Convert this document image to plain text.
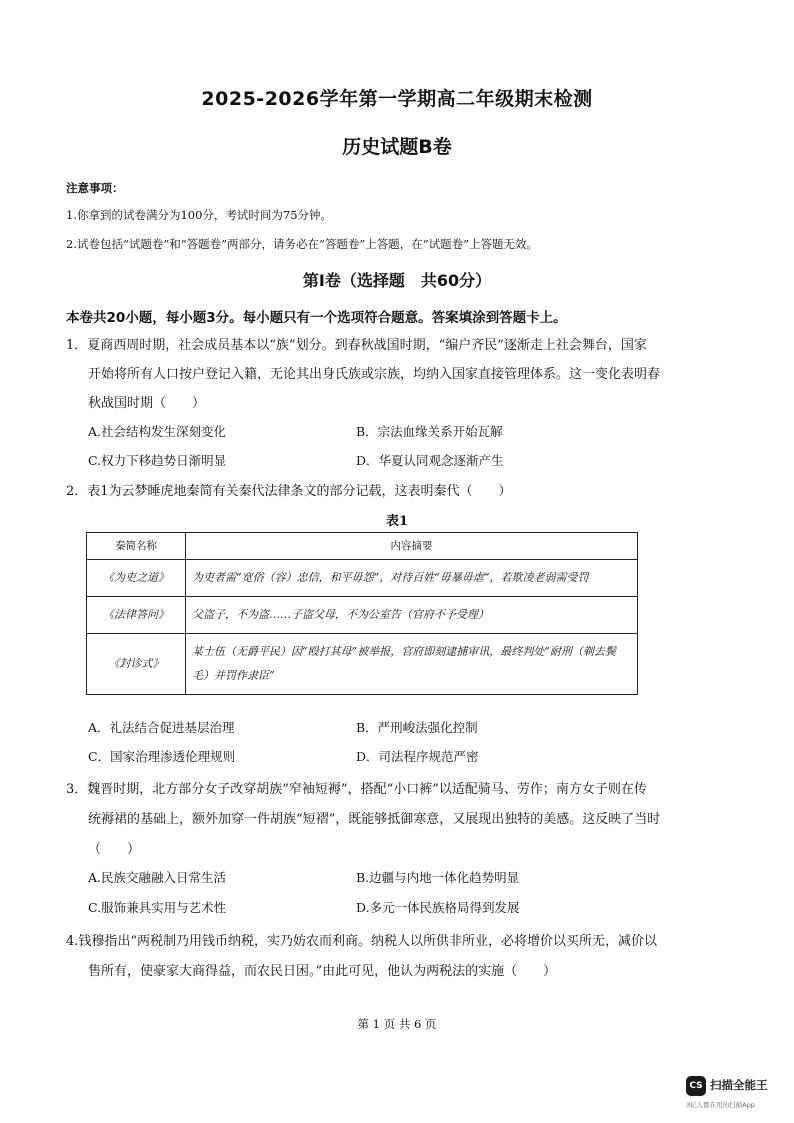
2025-2026学年第一学期高二年级期末检测
历史试题B卷
注意事项：
1.你拿到的试卷满分为100分，考试时间为75分钟。
2.试卷包括“试题卷”和“答题卷”两部分，请务必在“答题卷”上答题，在“试题卷”上答题无效。
第Ⅰ卷（选择题　共60分）
本卷共20小题，每小题3分。每小题只有一个选项符合题意。答案填涂到答题卡上。
1．夏商西周时期，社会成员基本以“族”划分。到春秋战国时期，“编户齐民”逐渐走上社会舞台，国家
开始将所有人口按户登记入籍，无论其出身氏族或宗族，均纳入国家直接管理体系。这一变化表明春
秋战国时期（　　）
A.社会结构发生深刻变化	B．宗法血缘关系开始瓦解
C.权力下移趋势日渐明显	D．华夏认同观念逐渐产生
2．表1为云梦睡虎地秦简有关秦代法律条文的部分记载，这表明秦代（　　）
表1
秦简名称	内容摘要
《为吏之道》	为吏者需“宽俗（容）忠信，和平毋怨”，对待百姓“毋暴毋虐”，若欺凌老弱需受罚
《法律答问》	父盗子，不为盗……子盗父母，不为公室告（官府不予受理）
《封诊式》	某士伍（无爵平民）因“殴打其母”被举报，官府即刻逮捕审讯，最终判处“耐刑（剃去鬓毛）并罚作隶臣”
A．礼法结合促进基层治理	B．严刑峻法强化控制
C．国家治理渗透伦理规则	D．司法程序规范严密
3．魏晋时期，北方部分女子改穿胡族“窄袖短褥”，搭配“小口裤”以适配骑马、劳作；南方女子则在传
统褥裙的基础上，额外加穿一件胡族“短褶”，既能够抵御寒意，又展现出独特的美感。这反映了当时
（　　）
A.民族交融融入日常生活	B.边疆与内地一体化趋势明显
C.服饰兼具实用与艺术性	D.多元一体民族格局得到发展
4.钱穆指出“两税制乃用钱币纳税，实乃妨农而利商。纳税人以所供非所业，必将增价以买所无，减价以
售所有，使豪家大商得益，而农民日困。”由此可见，他认为两税法的实施（　　）
第 1 页 共 6 页
CS 扫描全能王
3亿人都在用的扫描App
